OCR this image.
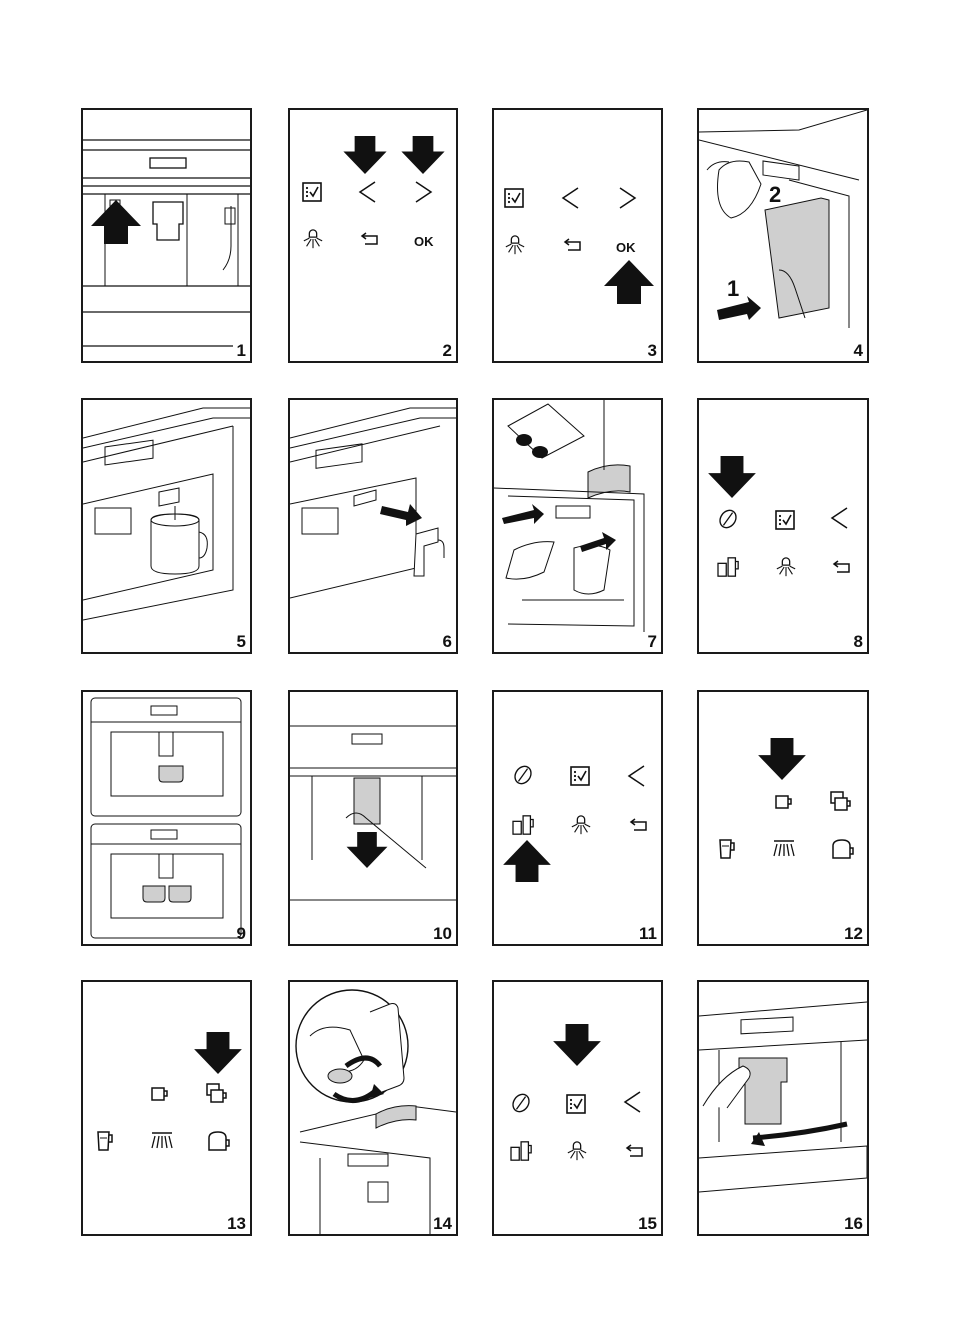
1
OK
2
OK
3
2
1
4
5	6	7	8
9	10	11	12
13	14	15	16
